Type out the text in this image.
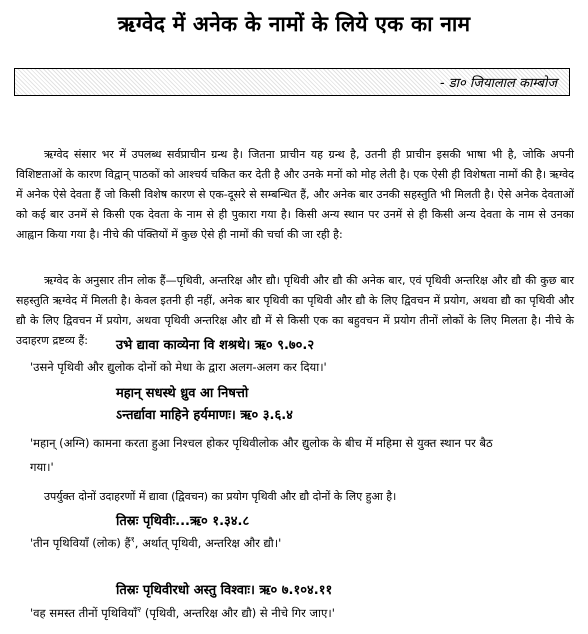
ऋग्वेद में अनेक के नामों के लिये एक का नाम
- डा० जियालाल काम्बोज

ऋग्वेद संसार भर में उपलब्ध सर्वप्राचीन ग्रन्थ है। जितना प्राचीन यह ग्रन्थ है, उतनी ही प्राचीन इसकी भाषा भी है, जोकि अपनी विशिष्टताओं के कारण विद्वान् पाठकों को आश्चर्य चकित कर देती है और उनके मनों को मोह लेती है। एक ऐसी ही विशेषता नामों की है। ऋग्वेद में अनेक ऐसे देवता हैं जो किसी विशेष कारण से एक-दूसरे से सम्बन्धित हैं, और अनेक बार उनकी सहस्तुति भी मिलती है। ऐसे अनेक देवताओं को कई बार उनमें से किसी एक देवता के नाम से ही पुकारा गया है। किसी अन्य स्थान पर उनमें से ही किसी अन्य देवता के नाम से उनका आह्वान किया गया है। नीचे की पंक्तियों में कुछ ऐसे ही नामों की चर्चा की जा रही है:

ऋग्वेद के अनुसार तीन लोक हैं—पृथिवी, अन्तरिक्ष और द्यौ। पृथिवी और द्यौ की अनेक बार, एवं पृथिवी अन्तरिक्ष और द्यौ की कुछ बार सहस्तुति ऋग्वेद में मिलती है। केवल इतनी ही नहीं, अनेक बार पृथिवी का पृथिवी और द्यौ के लिए द्विवचन में प्रयोग, अथवा द्यौ का पृथिवी और द्यौ के लिए द्विवचन में प्रयोग, अथवा पृथिवी अन्तरिक्ष और द्यौ में से किसी एक का बहुवचन में प्रयोग तीनों लोकों के लिए मिलता है। नीचे के उदाहरण द्रष्टव्य हैं:	उभे द्यावा काव्येना वि शश्रथे। ऋ० ९.७०.२
'उसने पृथिवी और द्युलोक दोनों को मेधा के द्वारा अलग-अलग कर दिया।'
महान् सधस्थे ध्रुव आ निषत्तो
ऽन्तर्द्यावा माहिने हर्यमाणः। ऋ० ३.६.४
'महान् (अग्नि) कामना करता हुआ निश्चल होकर पृथिवीलोक और द्युलोक के बीच में महिमा से युक्त स्थान पर बैठ
गया।'
उपर्युक्त दोनों उदाहरणों में द्यावा (द्विवचन) का प्रयोग पृथिवी और द्यौ दोनों के लिए हुआ है।
तिस्रः पृथिवीः...ऋ० १.३४.८
'तीन पृथिवियाँ (लोक) हैं$^१$, अर्थात् पृथिवी, अन्तरिक्ष और द्यौ।'
तिस्रः पृथिवीरधो अस्तु विश्वाः। ऋ० ७.१०४.११
'वह समस्त तीनों पृथिवियाँ$^२$ (पृथिवी, अन्तरिक्ष और द्यौ) से नीचे गिर जाए।'
